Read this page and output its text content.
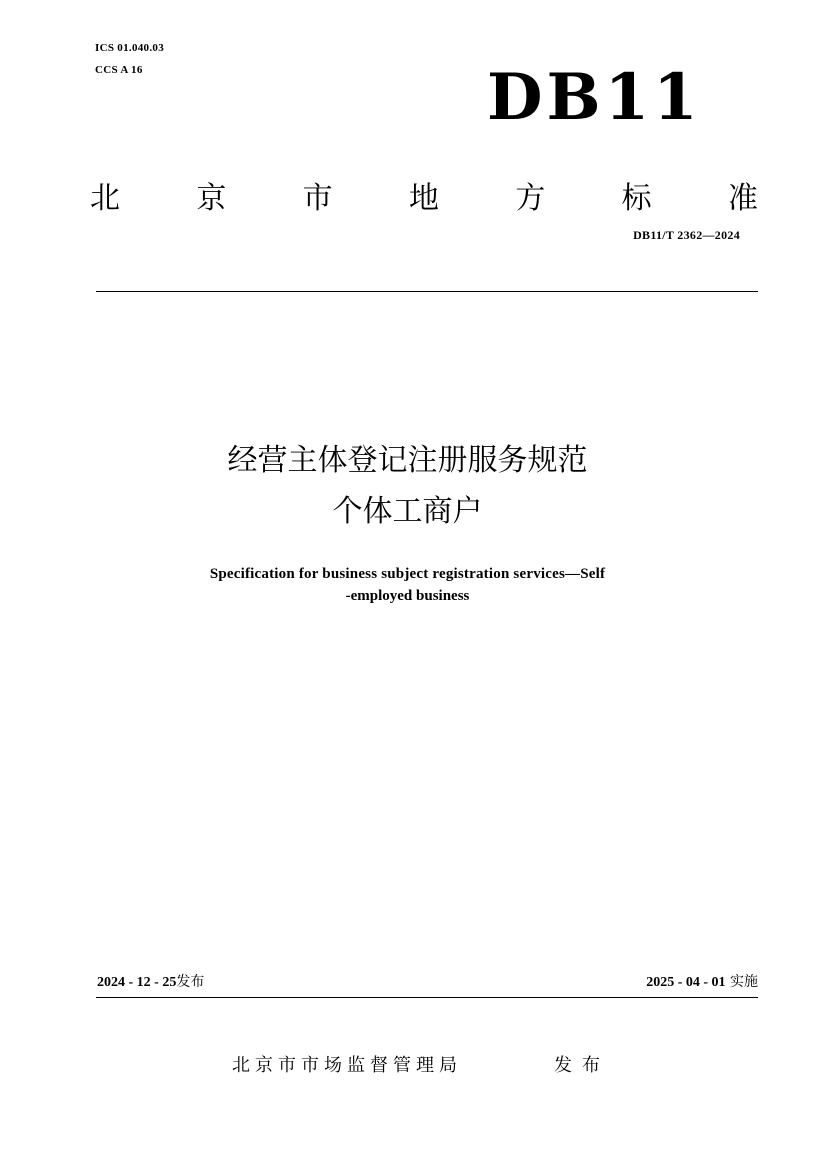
ICS 01.040.03
CCS A 16	DB11
北	京	市	地	方	标	准
DB11/T 2362—2024
经营主体登记注册服务规范
个体工商户
Specification for business subject registration services—Self
-employed business
2024 - 12 - 25发布	2025 - 04 - 01 实施
北京市市场监督管理局	发布
